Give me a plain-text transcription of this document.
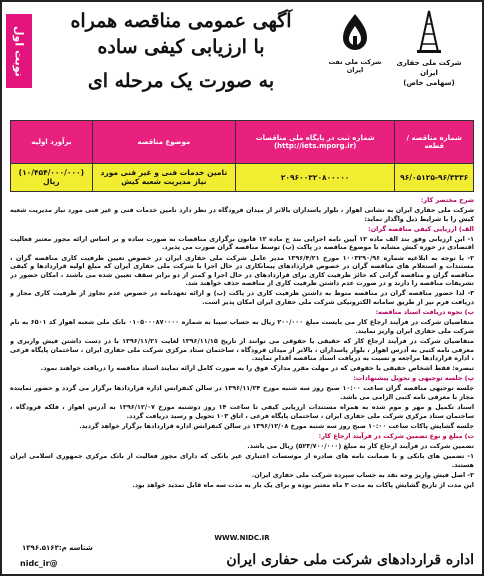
نوبت اول
آگهی عمومی مناقصه همراه
با ارزیابی کیفی ساده
به صورت یک مرحله ای
شرکت ملی نفت ایران
شرکت ملی حفاری ایران
(سهامی خاص)
برآورد اولیه	موضوع مناقصه	شماره ثبت در پایگاه ملی مناقصات (http://iets.mporg.ir)	شماره مناقصه / قطعه
(۱۰/۴۵۴/۰۰۰/۰۰۰) ریال	تامین خدمات فنی و غیر فنی مورد نیاز مدیریت شعبه کیش	۲۰۹۶۰۰۳۲۰۸۰۰۰۰۰	۹۶/۰۵۱۲۵-۹۶/۳۳۳۶

شرح مختصر کار:

شرکت ملی حفاری ایران به نشانی اهواز ، بلوار پاسداران بالاتر از میدان فرودگاه در نظر دارد تامین خدمات فنی و غیر فنی مورد نیاز مدیریت شعبه کیش را با شرایط ذیل واگذار نماید:

الف) ارزیابی کیفی مناقصه گران:

۱- این ارزیابی وفق بند الف ماده ۱۲ آیین نامه اجرایی بند ج ماده ۱۲ قانون برگزاری مناقصات به صورت ساده و بر اساس ارائه مجوز معتبر فعالیت اقتصادی در حوزه کیش مشابه با موضوع مناقصه در پاکت (ب) توسط مناقصه گران صورت می پذیرد.

۲- با توجه به ابلاغیه شماره ۱۰۰۳۲۹۰/۹۶ مورخ ۱۳۹۶/۴/۲۱ مدیر عامل شرکت ملی حفاری ایران در خصوص تعیین ظرفیت کاری مناقصه گران ، مستندات و استعلام های مناقصه گران در خصوص قراردادهای پیمانکاری در حال اجرا با شرکت ملی حفاری ایران که مبلغ اولیه قراردادها و کیفی مناقصه گران و مناقصه گرانی که حائز ظرفیت کاری برای قراردادهای در حال اجرا و کمتر از دو برابر سقف تعیین شده می باشند ، امکان حضور در تشریفات مناقصه را دارند و در صورت عدم داشتن ظرفیت کاری از مناقصه حذف خواهند شد.

۳- لذا حضور مناقصه گران در مناقصه منوط به داشتن ظرفیت کاری در پاکت (ب) و ارائه تعهدنامه در خصوص عدم تجاوز از ظرفیت کاری مجاز و دریافت فرم نیز از طریق سامانه الکترونیکی شرکت ملی حفاری ایران امکان پذیر است.

ب) نحوه دریافت اسناد مناقصه:

متقاضیان شرکت در فرآیند ارجاع کار می بایست مبلغ ۲۰۰/۰۰۰ ریال به حساب سیبا به شماره ۰۱۰۵۰۰۰۸۷۰۰۰۰ بانک ملی شعبه اهواز کد ۶۵۰۱ به نام شرکت ملی حفاری ایران واریز نمایند.

متقاضیان شرکت در فرآیند ارجاع کار که حقیقی یا حقوقی می توانند از تاریخ ۱۳۹۶/۱۱/۱۵ لغایت ۱۳۹۶/۱۱/۲۱ با در دست داشتن فیش واریزی و معرفی نامه کتبی به آدرس اهواز ، بلوار پاسداران ، بالاتر از میدان فرودگاه ، ساختمان ستاد مرکزی شرکت ملی حفاری ایران ، ساختمان پایگاه فرعی ، اداره قراردادها مراجعه و نسبت به دریافت اسناد مناقصه اقدام نمایند.

تبصره: فقط اشخاص حقیقی یا حقوقی که در مهلت مقرر مدارک فوق را به صورت کامل ارائه نمایند اسناد مناقصه را دریافت خواهند نمود.

پ) جلسه توجیهی و تحویل پیشنهادات:

جلسه توجیهی مناقصه گران ساعت ۱۰:۰۰ صبح روز سه شنبه مورخ ۱۳۹۶/۱۱/۲۴ در سالن کنفرانس اداره قراردادها برگزار می گردد و حضور نماینده مجاز با معرفی نامه کتبی الزامی می باشد.

اسناد تکمیل و مهر و موم شده به همراه مستندات ارزیابی کیفی تا ساعت ۱۴ روز دوشنبه مورخ ۱۳۹۶/۱۲/۰۷ به آدرس اهواز ، فلکه فرودگاه ، ساختمان ستاد مرکزی شرکت ملی حفاری ایران ، ساختمان پایگاه فرعی ، اتاق ۱۰۳ تحویل و رسید دریافت گردد.

جلسه گشایش پاکات ساعت ۱۰:۰۰ صبح روز سه شنبه مورخ ۱۳۹۶/۱۲/۰۸ در سالن کنفرانس اداره قراردادها برگزار خواهد گردید.

ت) مبلغ و نوع تضمین شرکت در فرآیند ارجاع کار:

تضمین شرکت در فرآیند ارجاع کار به مبلغ (۵۲۳/۷۰۰/۰۰۰) ریال می باشد.

۱- تضمین های بانکی و یا ضمانت نامه های صادره از موسسات اعتباری غیر بانکی که دارای مجوز فعالیت از بانک مرکزی جمهوری اسلامی ایران هستند.

۲- اصل فیش واریز وجه نقد به حساب سپرده شرکت ملی حفاری ایران.

این مدت از تاریخ گشایش پاکات به مدت ۳ ماه معتبر بوده و برای یک بار به مدت سه ماه قابل تمدید خواهد بود.

WWW.NIDC.IR
شناسه م:۱۳۹۶.۵۱۶۳
@nidc_ir	اداره قراردادهای شرکت ملی حفاری ایران
